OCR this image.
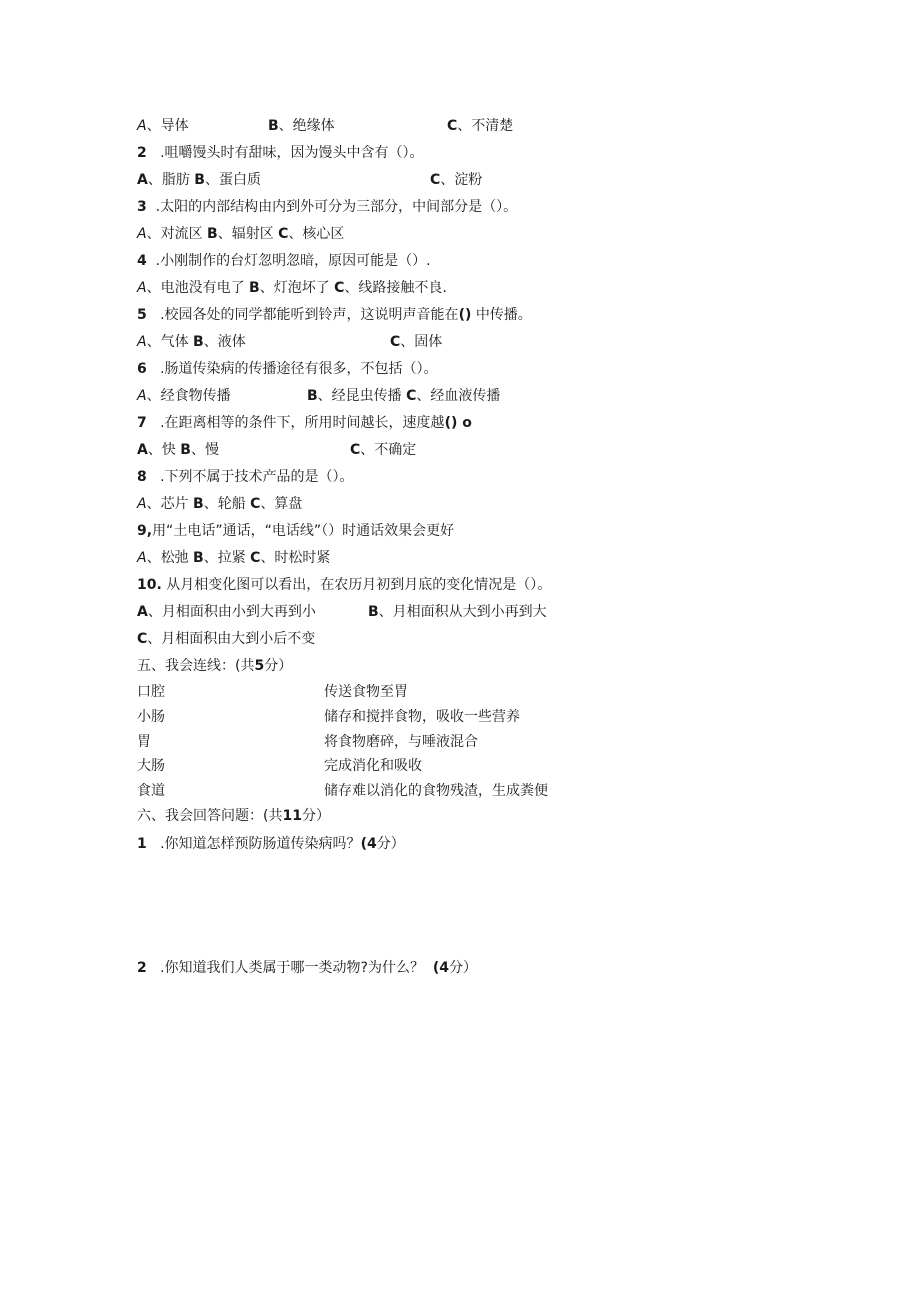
A、导体	B、绝缘体	C、不清楚
2 .咀嚼馒头时有甜味，因为馒头中含有（）。
A、脂肪 B、蛋白质	C、淀粉
3 .太阳的内部结构由内到外可分为三部分，中间部分是（）。
A、对流区 B、辐射区 C、核心区
4 .小刚制作的台灯忽明忽暗，原因可能是（）.
A、电池没有电了 B、灯泡坏了 C、线路接触不良.
5 .校园各处的同学都能听到铃声，这说明声音能在() 中传播。
A、气体 B、液体	C、固体
6 .肠道传染病的传播途径有很多，不包括（）。
A、经食物传播	B、经昆虫传播 C、经血液传播
7 .在距离相等的条件下，所用时间越长，速度越() o
A、快 B、慢	C、不确定
8 .下列不属于技术产品的是（）。
A、芯片 B、轮船 C、算盘
9,用“土电话”通话，“电话线”（）时通话效果会更好
A、松弛 B、拉紧 C、时松时紧
10. 从月相变化图可以看出，在农历月初到月底的变化情况是（）。
A、月相面积由小到大再到小	B、月相面积从大到小再到大
C、月相面积由大到小后不变
五、我会连线：(共5分）
口腔	传送食物至胃
小肠	储存和搅拌食物，吸收一些营养
胃	将食物磨碎，与唾液混合
大肠	完成消化和吸收
食道	储存难以消化的食物残渣，生成粪便
六、我会回答问题：(共11分）
1 .你知道怎样预防肠道传染病吗？(4分）
2 .你知道我们人类属于哪一类动物?为什么？ (4分）
